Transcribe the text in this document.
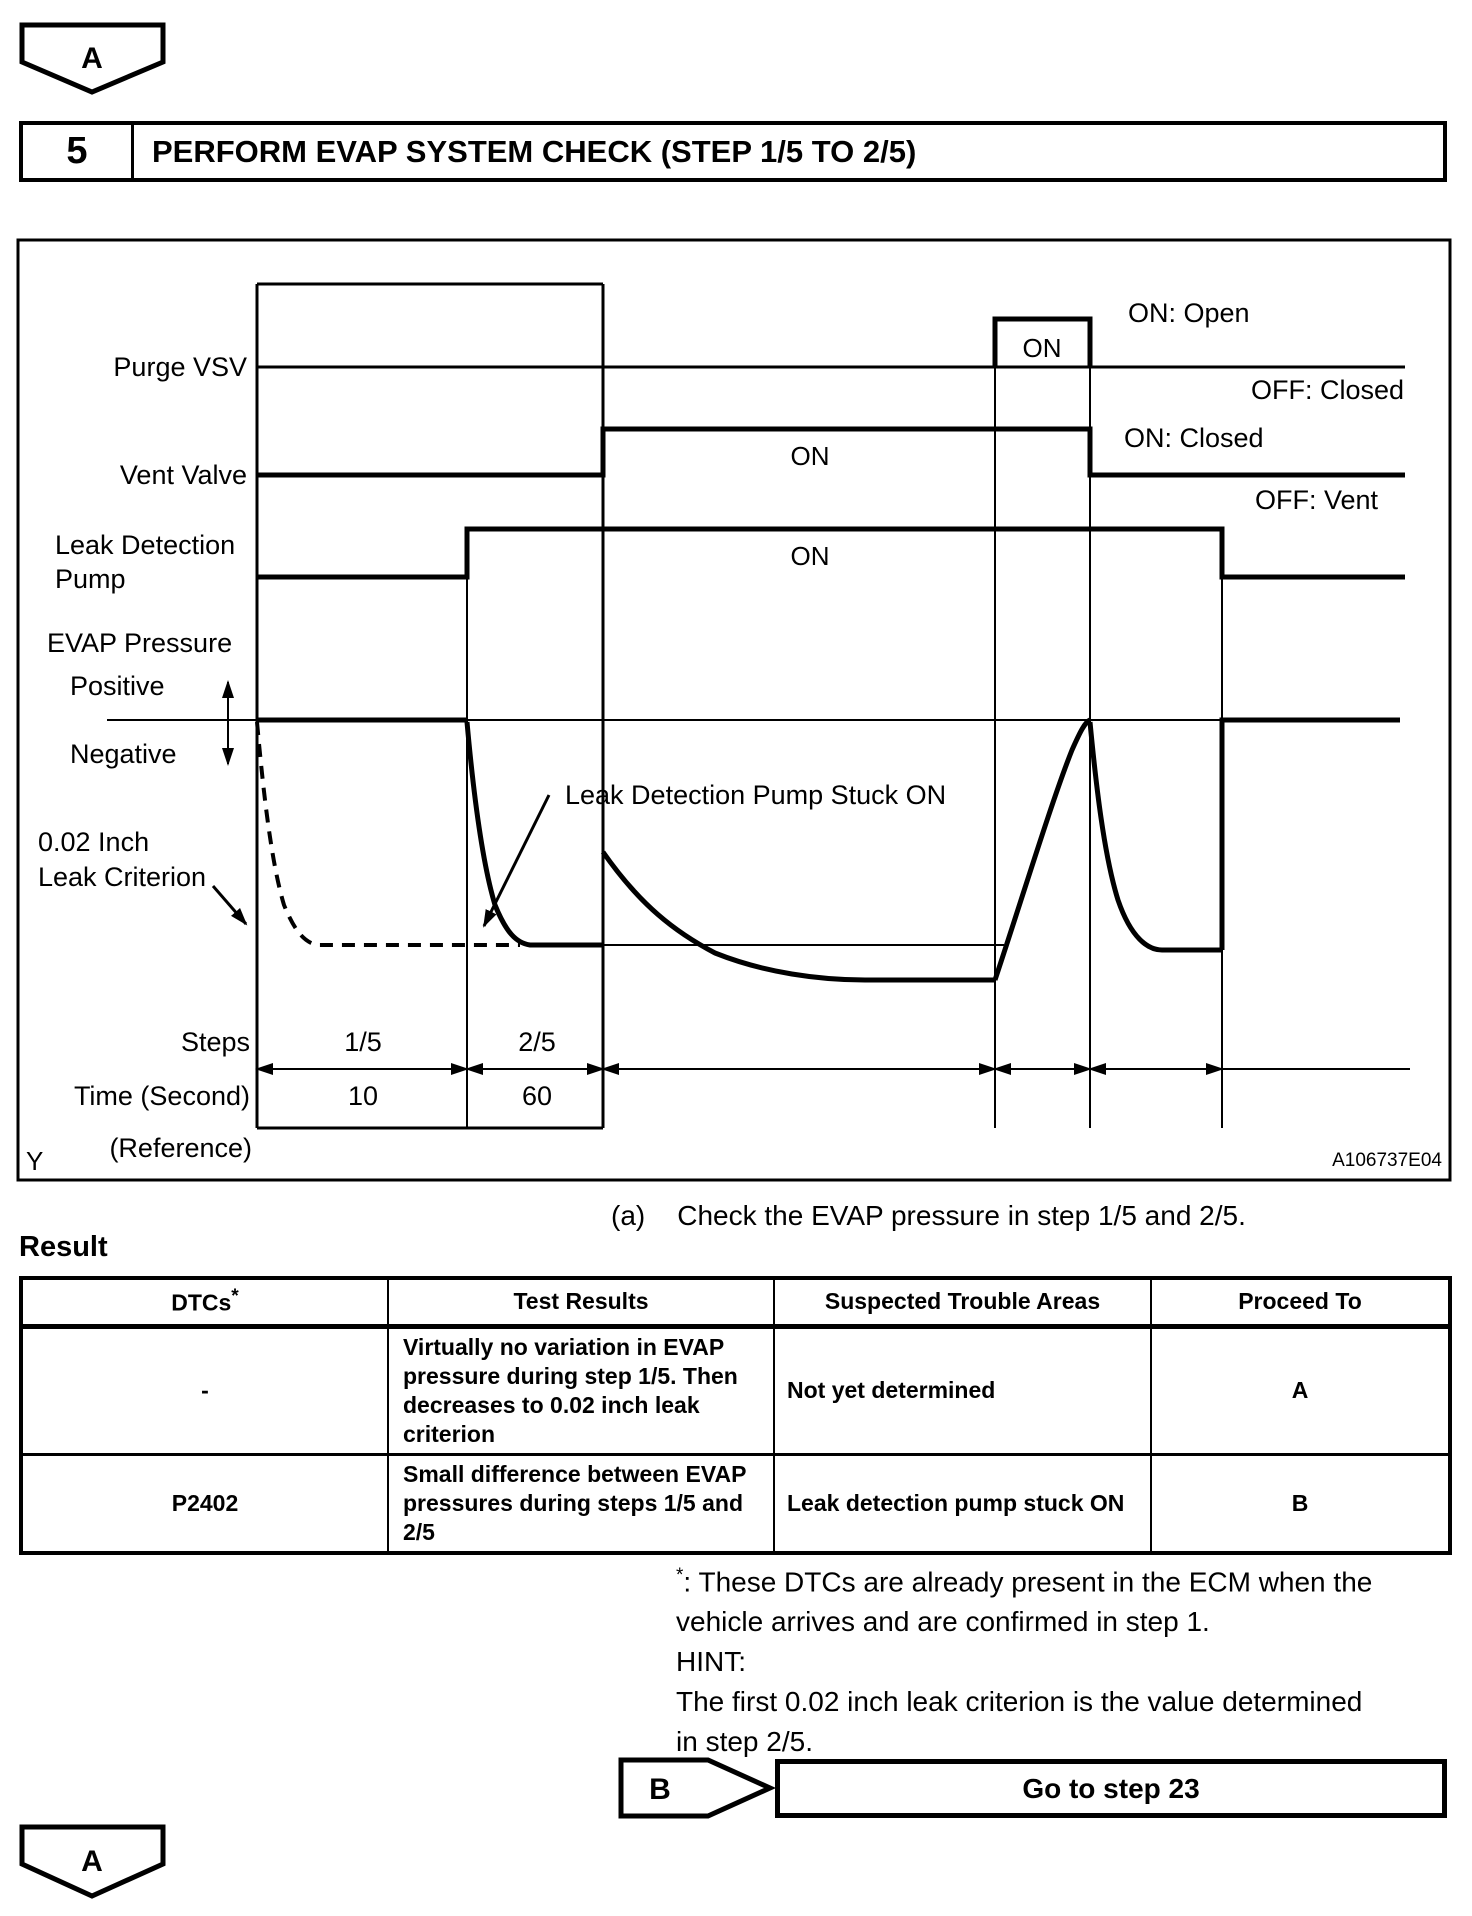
A
A
B
Purge VSV
Vent Valve
Leak Detection
Pump
EVAP Pressure
Positive
Negative
0.02 Inch
Leak Criterion
ON
ON
ON
ON: Open
OFF: Closed
ON: Closed
OFF: Vent
Leak Detection Pump Stuck ON
Steps	1/5	2/5
Time (Second)	10	60
(Reference)
Y	A106737E04
5	PERFORM EVAP SYSTEM CHECK (STEP 1/5 TO 2/5)
(a) Check the EVAP pressure in step 1/5 and 2/5.
Result
DTCs*	Test Results	Suspected Trouble Areas	Proceed To
-	Virtually no variation in EVAP pressure during step 1/5. Then decreases to 0.02 inch leak criterion	Not yet determined	A
P2402	Small difference between EVAP pressures during steps 1/5 and 2/5	Leak detection pump stuck ON	B
*: These DTCs are already present in the ECM when the
vehicle arrives and are confirmed in step 1.
HINT:
The first 0.02 inch leak criterion is the value determined
in step 2/5.
Go to step 23
